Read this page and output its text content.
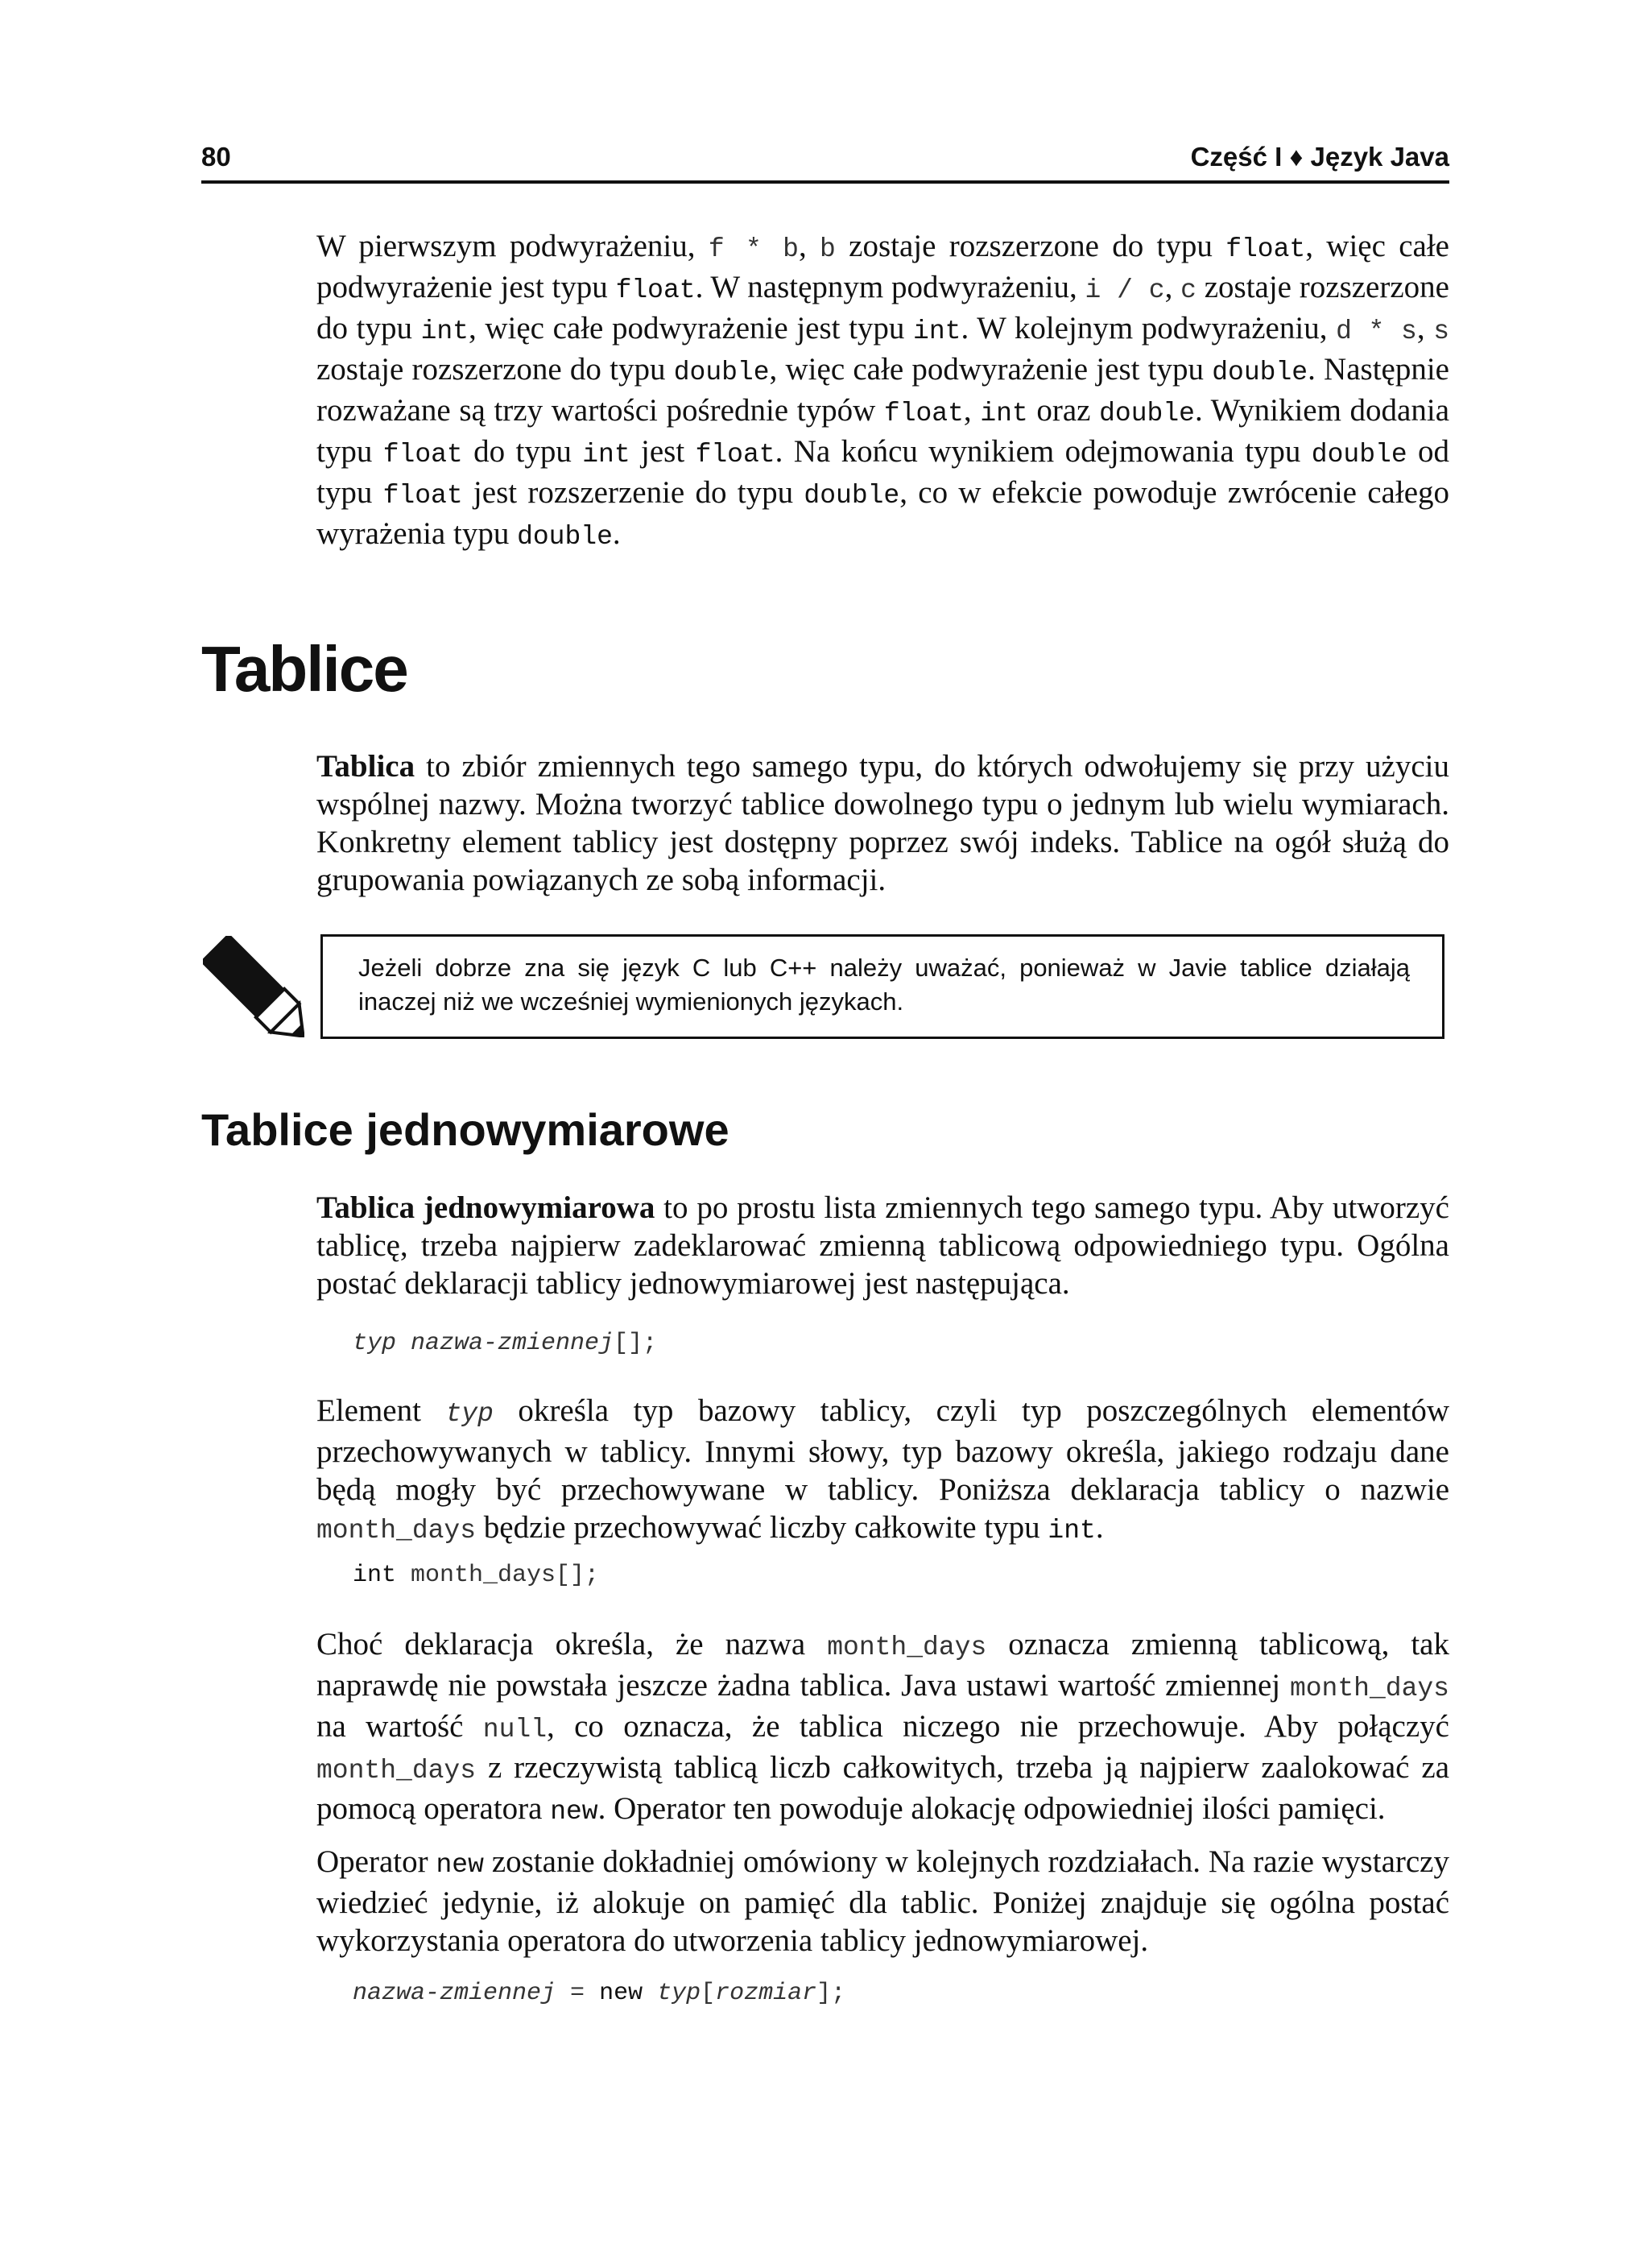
80	Część I ♦ Język Java

W pierwszym podwyrażeniu, f * b, b zostaje rozszerzone do typu float, więc całe podwyrażenie jest typu float. W następnym podwyrażeniu, i / c, c zostaje rozszerzone do typu int, więc całe podwyrażenie jest typu int. W kolejnym podwyrażeniu, d * s, s zostaje rozszerzone do typu double, więc całe podwyrażenie jest typu double. Następnie rozważane są trzy wartości pośrednie typów float, int oraz double. Wynikiem dodania typu float do typu int jest float. Na końcu wynikiem odejmowania typu double od typu float jest rozszerzenie do typu double, co w efekcie powoduje zwrócenie całego wyrażenia typu double.

Tablice

Tablica to zbiór zmiennych tego samego typu, do których odwołujemy się przy użyciu wspólnej nazwy. Można tworzyć tablice dowolnego typu o jednym lub wielu wymiarach. Konkretny element tablicy jest dostępny poprzez swój indeks. Tablice na ogół służą do grupowania powiązanych ze sobą informacji.

Jeżeli dobrze zna się język C lub C++ należy uważać, ponieważ w Javie tablice działają inaczej niż we wcześniej wymienionych językach.
Tablice jednowymiarowe

Tablica jednowymiarowa to po prostu lista zmiennych tego samego typu. Aby utworzyć tablicę, trzeba najpierw zadeklarować zmienną tablicową odpowiedniego typu. Ogólna postać deklaracji tablicy jednowymiarowej jest następująca.

typ nazwa-zmiennej[];

Element typ określa typ bazowy tablicy, czyli typ poszczególnych elementów przechowywanych w tablicy. Innymi słowy, typ bazowy określa, jakiego rodzaju dane będą mogły być przechowywane w tablicy. Poniższa deklaracja tablicy o nazwie month_days będzie przechowywać liczby całkowite typu int.

int month_days[];

Choć deklaracja określa, że nazwa month_days oznacza zmienną tablicową, tak naprawdę nie powstała jeszcze żadna tablica. Java ustawi wartość zmiennej month_days na wartość null, co oznacza, że tablica niczego nie przechowuje. Aby połączyć month_days z rzeczywistą tablicą liczb całkowitych, trzeba ją najpierw zaalokować za pomocą operatora new. Operator ten powoduje alokację odpowiedniej ilości pamięci.

Operator new zostanie dokładniej omówiony w kolejnych rozdziałach. Na razie wystarczy wiedzieć jedynie, iż alokuje on pamięć dla tablic. Poniżej znajduje się ogólna postać wykorzystania operatora do utworzenia tablicy jednowymiarowej.

nazwa-zmiennej = new typ[rozmiar];
